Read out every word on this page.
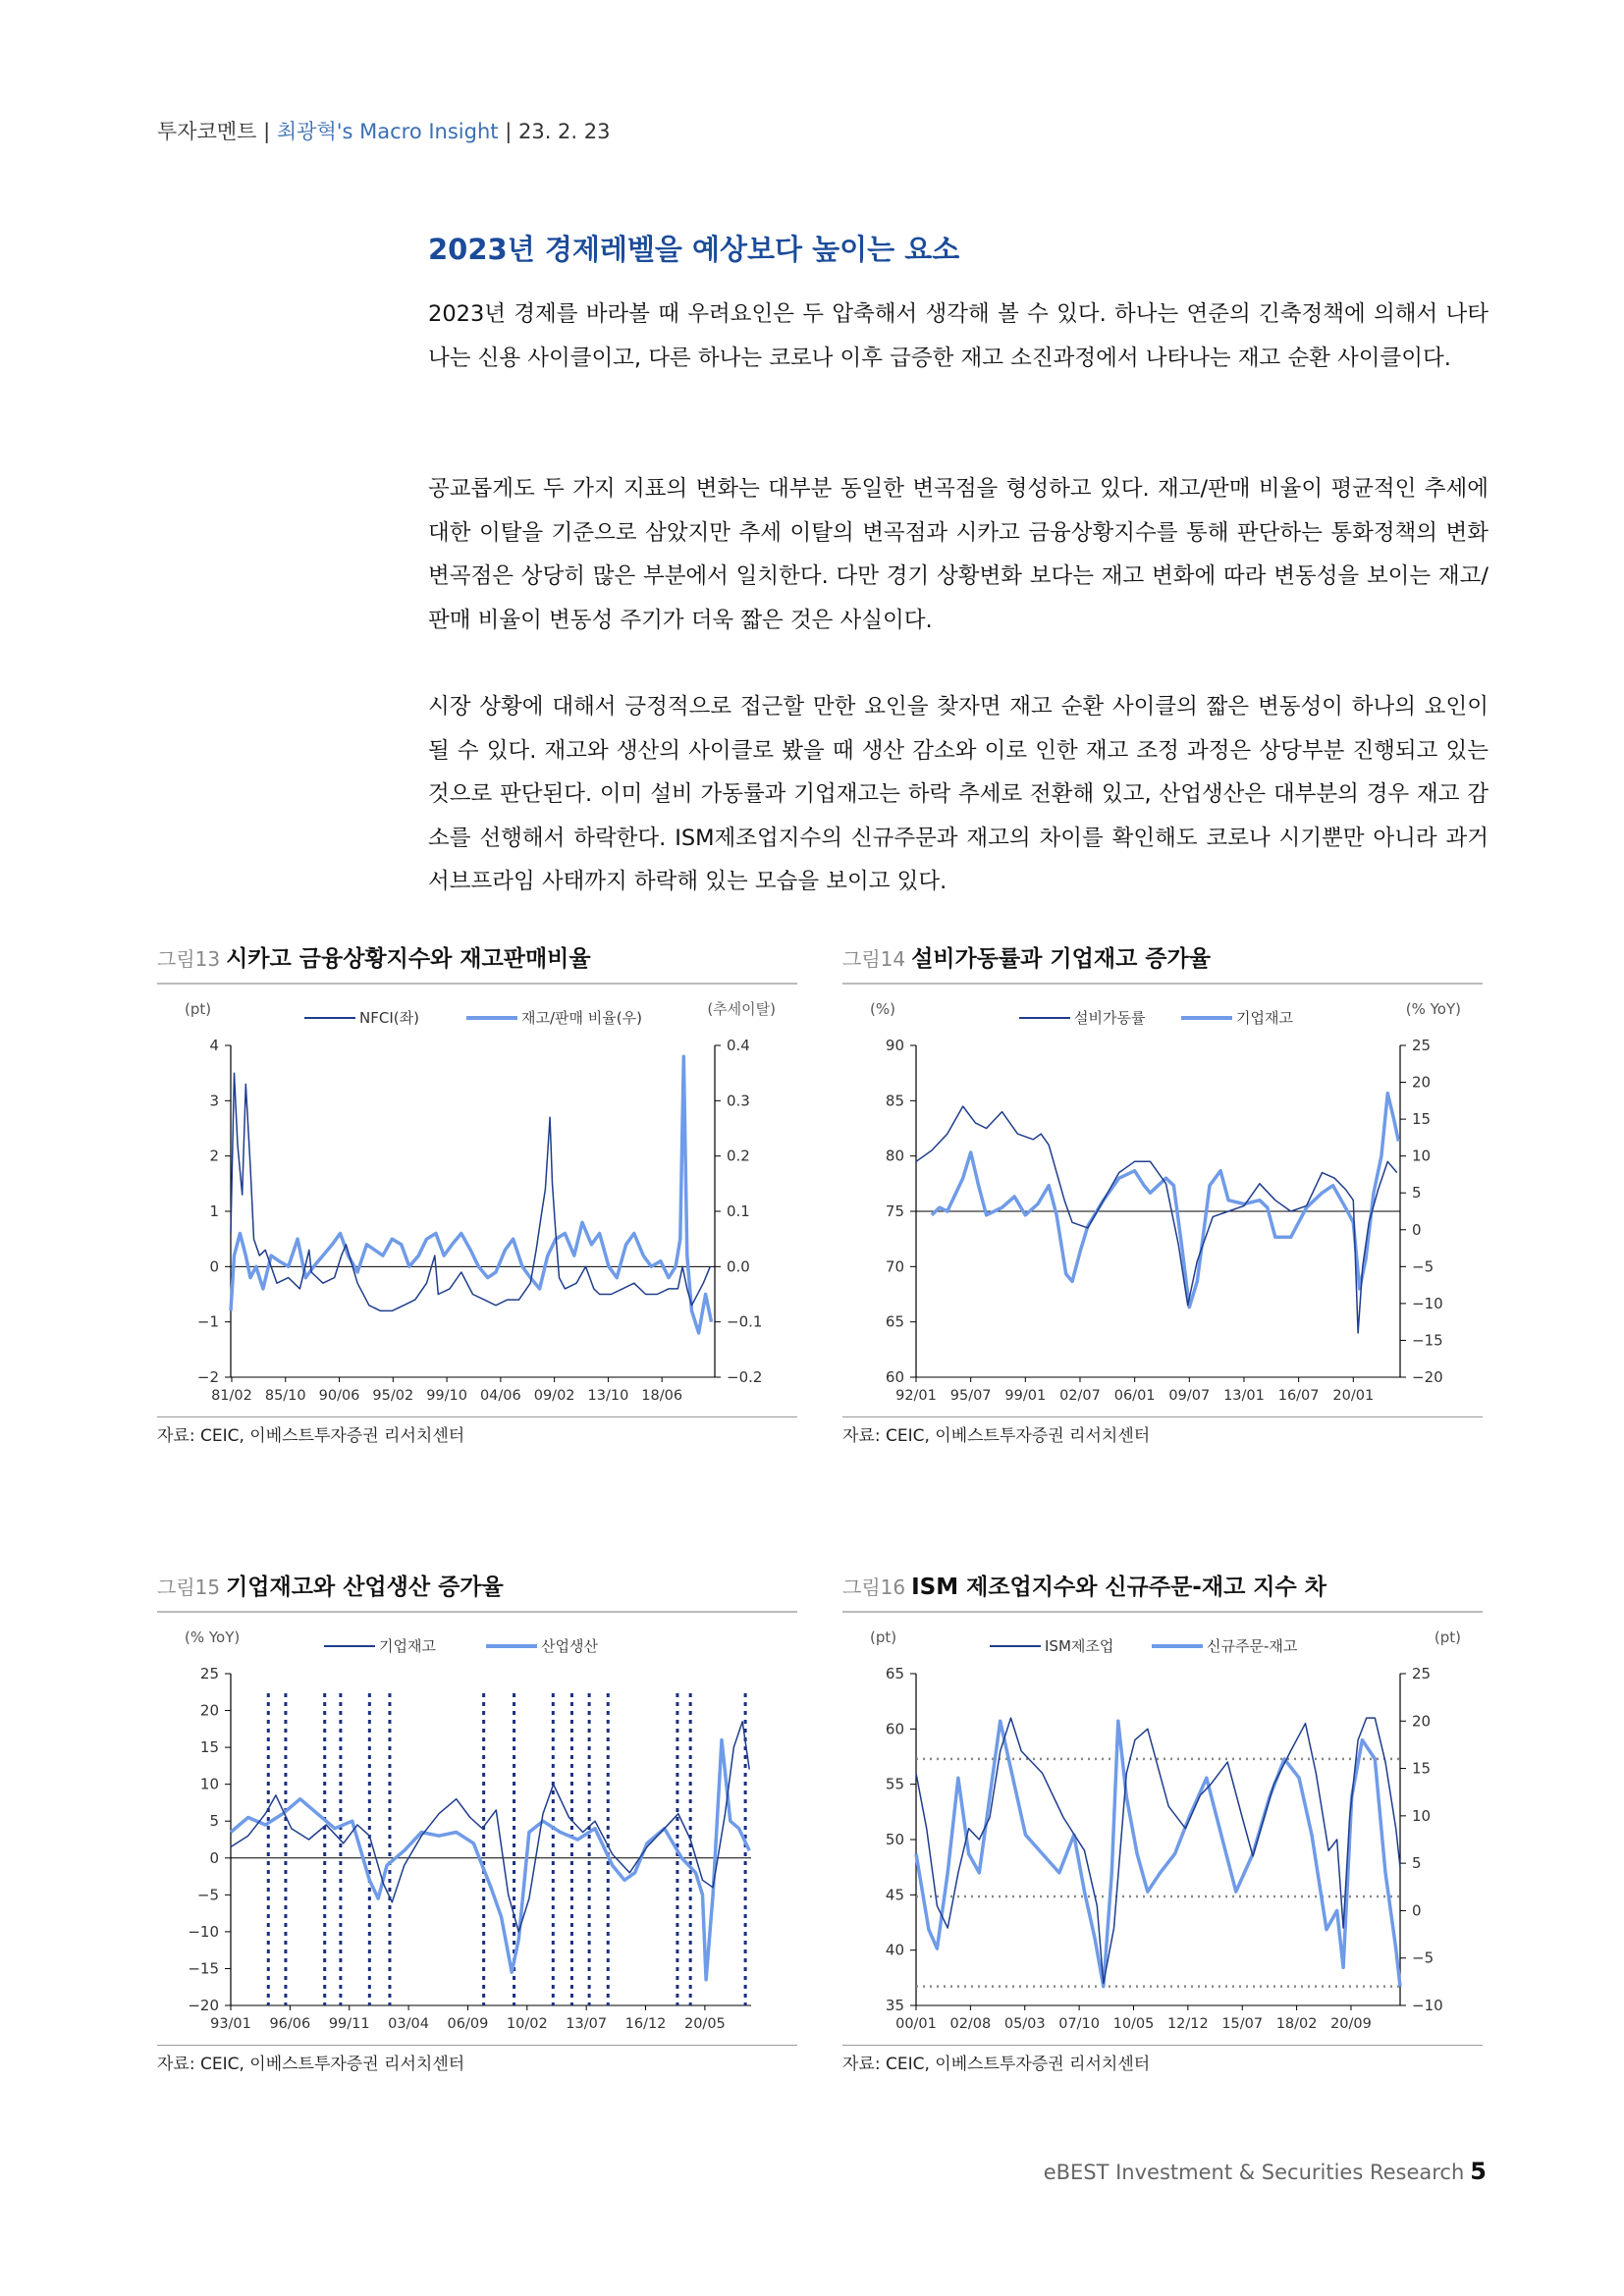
투자코멘트 | 최광혁's Macro Insight | 23. 2. 23
2023년 경제레벨을 예상보다 높이는 요소
2023년 경제를 바라볼 때 우려요인은 두 압축해서 생각해 볼 수 있다. 하나는 연준의 긴축정책에 의해서 나타나는 신용 사이클이고, 다른 하나는 코로나 이후 급증한 재고 소진과정에서 나타나는 재고 순환 사이클이다.
공교롭게도 두 가지 지표의 변화는 대부분 동일한 변곡점을 형성하고 있다. 재고/판매 비율이 평균적인 추세에 대한 이탈을 기준으로 삼았지만 추세 이탈의 변곡점과 시카고 금융상황지수를 통해 판단하는 통화정책의 변화 변곡점은 상당히 많은 부분에서 일치한다. 다만 경기 상황변화 보다는 재고 변화에 따라 변동성을 보이는 재고/판매 비율이 변동성 주기가 더욱 짧은 것은 사실이다.
시장 상황에 대해서 긍정적으로 접근할 만한 요인을 찾자면 재고 순환 사이클의 짧은 변동성이 하나의 요인이 될 수 있다. 재고와 생산의 사이클로 봤을 때 생산 감소와 이로 인한 재고 조정 과정은 상당부분 진행되고 있는 것으로 판단된다. 이미 설비 가동률과 기업재고는 하락 추세로 전환해 있고, 산업생산은 대부분의 경우 재고 감소를 선행해서 하락한다. ISM제조업지수의 신규주문과 재고의 차이를 확인해도 코로나 시기뿐만 아니라 과거 서브프라임 사태까지 하락해 있는 모습을 보이고 있다.
그림13 시카고 금융상황지수와 재고판매비율
(pt)	(추세이탈)
NFCI(좌)	재고/판매 비율(우)
4
3
2
1
0
−1
−2
0.4
0.3
0.2
0.1
0.0
−0.1
−0.2
81/02 85/10 90/06 95/02 99/10 04/06 09/02 13/10 18/06
자료: CEIC, 이베스트투자증권 리서치센터
그림14 설비가동률과 기업재고 증가율
(%)	(% YoY)
설비가동률	기업재고
90
85
80
75
70
65
60
25
20
15
10
5
0
−5
−10
−15
−20
92/01 95/07 99/01 02/07 06/01 09/07 13/01 16/07 20/01
자료: CEIC, 이베스트투자증권 리서치센터
그림15 기업재고와 산업생산 증가율
(% YoY)	기업재고	산업생산
25
20
15
10
5
0
−5
−10
−15
−20
93/01 96/06 99/11 03/04 06/09 10/02 13/07 16/12 20/05
자료: CEIC, 이베스트투자증권 리서치센터
그림16 ISM 제조업지수와 신규주문-재고 지수 차
(pt)	(pt)
ISM제조업	신규주문-재고
65
60
55
50
45
40
35
25
20
15
10
5
0
−5
−10
00/01 02/08 05/03 07/10 10/05 12/12 15/07 18/02 20/09
자료: CEIC, 이베스트투자증권 리서치센터
eBEST Investment & Securities Research 5
